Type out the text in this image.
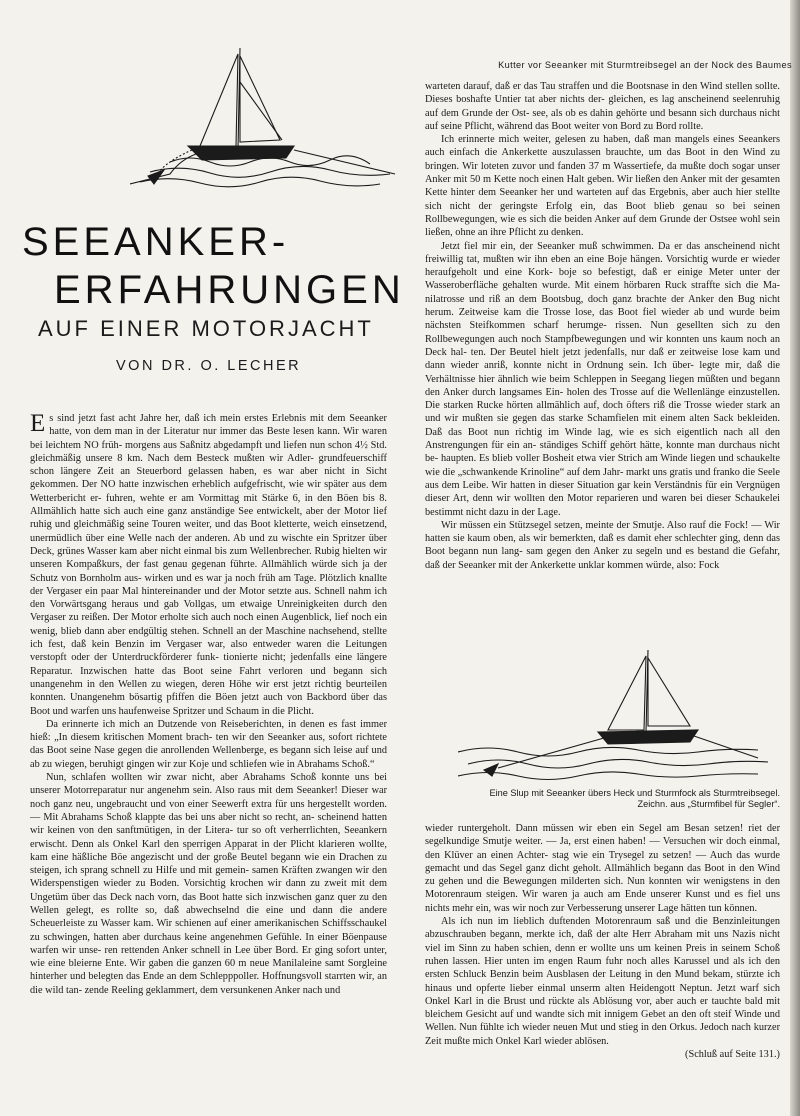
Kutter vor Seeanker mit Sturmtreibsegel an der Nock des Baumes
SEEANKER-
ERFAHRUNGEN
AUF EINER MOTORJACHT
VON DR. O. LECHER

Es sind jetzt fast acht Jahre her, daß ich mein erstes Erlebnis mit dem Seeanker hatte, von dem man in der Literatur nur immer das Beste lesen kann. Wir waren bei leichtem NO früh- morgens aus Saßnitz abgedampft und liefen nun schon 4½ Std. gleichmäßig unsere 8 km. Nach dem Besteck mußten wir Adler- grundfeuerschiff schon längere Zeit an Steuerbord gelassen haben, es war aber nicht in Sicht gekommen. Der NO hatte inzwischen erheblich aufgefrischt, wie wir später aus dem Wetterbericht er- fuhren, wehte er am Vormittag mit Stärke 6, in den Böen bis 8. Allmählich hatte sich auch eine ganz anständige See entwickelt, aber der Motor lief ruhig und gleichmäßig seine Touren weiter, und das Boot kletterte, weich einsetzend, unermüdlich über eine Welle nach der anderen. Ab und zu wischte ein Spritzer über Deck, grünes Wasser kam aber nicht einmal bis zum Wellenbrecher. Rubig hielten wir unseren Kompaßkurs, der fast genau gegenan führte. Allmählich würde sich ja der Schutz von Bornholm aus- wirken und es war ja noch früh am Tage. Plötzlich knallte der Vergaser ein paar Mal hintereinander und der Motor setzte aus. Schnell nahm ich den Vorwärtsgang heraus und gab Vollgas, um etwaige Unreinigkeiten durch den Vergaser zu reißen. Der Motor erholte sich auch noch einen Augenblick, lief noch ein wenig, blieb dann aber endgültig stehen. Schnell an der Maschine nachsehend, stellte ich fest, daß kein Benzin im Vergaser war, also entweder waren die Leitungen verstopft oder der Unterdruckförderer funk- tionierte nicht; jedenfalls eine längere Reparatur. Inzwischen hatte das Boot seine Fahrt verloren und begann sich unangenehm in den Wellen zu wiegen, deren Höhe wir erst jetzt richtig beurteilen konnten. Unangenehm bösartig pfiffen die Böen jetzt auch von Backbord über das Boot und warfen uns haufenweise Spritzer und Schaum in die Plicht.

Da erinnerte ich mich an Dutzende von Reiseberichten, in denen es fast immer hieß: „In diesem kritischen Moment brach- ten wir den Seeanker aus, sofort richtete das Boot seine Nase gegen die anrollenden Wellenberge, es begann sich leise auf und ab zu wiegen, beruhigt gingen wir zur Koje und schliefen wie in Abrahams Schoß.“

Nun, schlafen wollten wir zwar nicht, aber Abrahams Schoß konnte uns bei unserer Motorreparatur nur angenehm sein. Also raus mit dem Seeanker! Dieser war noch ganz neu, ungebraucht und von einer Seewerft extra für uns hergestellt worden. — Mit Abrahams Schoß klappte das bei uns aber nicht so recht, an- scheinend hatten wir keinen von den sanftmütigen, in der Litera- tur so oft verherrlichten, Seeankern erwischt. Denn als Onkel Karl den sperrigen Apparat in der Plicht klarieren wollte, kam eine häßliche Böe angezischt und der große Beutel begann wie ein Drachen zu steigen, ich sprang schnell zu Hilfe und mit gemein- samen Kräften zwangen wir den Widerspenstigen wieder zu Boden. Vorsichtig krochen wir dann zu zweit mit dem Ungetüm über das Deck nach vorn, das Boot hatte sich inzwischen ganz quer zu den Wellen gelegt, es rollte so, daß abwechselnd die eine und dann die andere Scheuerleiste zu Wasser kam. Wir schienen auf einer amerikanischen Schiffsschaukel zu schwingen, hatten aber durchaus keine angenehmen Gefühle. In einer Böenpause warfen wir unse- ren rettenden Anker schnell in Lee über Bord. Er ging sofort unter, wie eine bleierne Ente. Wir gaben die ganzen 60 m neue Manilaleine samt Sorgleine hinterher und belegten das Ende an dem Schlepppoller. Hoffnungsvoll starrten wir, an die wild tan- zende Reeling geklammert, dem versunkenen Anker nach und

warteten darauf, daß er das Tau straffen und die Bootsnase in den Wind stellen sollte. Dieses boshafte Untier tat aber nichts der- gleichen, es lag anscheinend seelenruhig auf dem Grunde der Ost- see, als ob es dahin gehörte und besann sich durchaus nicht auf seine Pflicht, während das Boot weiter von Bord zu Bord rollte.

Ich erinnerte mich weiter, gelesen zu haben, daß man mangels eines Seeankers auch einfach die Ankerkette auszulassen brauchte, um das Boot in den Wind zu bringen. Wir loteten zuvor und fanden 37 m Wassertiefe, da mußte doch sogar unser Anker mit 50 m Kette noch einen Halt geben. Wir ließen den Anker mit der gesamten Kette hinter dem Seeanker her und warteten auf das Ergebnis, aber auch hier stellte sich nicht der geringste Erfolg ein, das Boot blieb genau so bei seinen Rollbewegungen, wie es sich die beiden Anker auf dem Grunde der Ostsee wohl sein ließen, ohne an ihre Pflicht zu denken.

Jetzt fiel mir ein, der Seeanker muß schwimmen. Da er das anscheinend nicht freiwillig tat, mußten wir ihn eben an eine Boje hängen. Vorsichtig wurde er wieder heraufgeholt und eine Kork- boje so befestigt, daß er einige Meter unter der Wasseroberfläche gehalten wurde. Mit einem hörbaren Ruck straffte sich die Ma- nilatrosse und riß an dem Bootsbug, doch ganz brachte der Anker den Bug nicht herum. Zeitweise kam die Trosse lose, das Boot fiel wieder ab und wurde beim nächsten Steifkommen scharf herumge- rissen. Nun gesellten sich zu den Rollbewegungen auch noch Stampfbewegungen und wir konnten uns kaum noch an Deck hal- ten. Der Beutel hielt jetzt jedenfalls, nur daß er zeitweise lose kam und dann wieder anriß, konnte nicht in Ordnung sein. Ich über- legte mir, daß die Verhältnisse hier ähnlich wie beim Schleppen in Seegang liegen müßten und begann den Anker durch langsames Ein- holen des Trosse auf die Wellenlänge einzustellen. Die starken Rucke hörten allmählich auf, doch öfters riß die Trosse wieder stark an und wir mußten sie gegen das starke Schamfielen mit einem alten Sack bekleiden. Daß das Boot nun richtig im Winde lag, wie es sich eigentlich nach all den Anstrengungen für ein an- ständiges Schiff gehört hätte, konnte man durchaus nicht be- haupten. Es blieb voller Bosheit etwa vier Strich am Winde liegen und schaukelte wie die „schwankende Krinoline“ auf dem Jahr- markt uns gratis und franko die Seele aus dem Leibe. Wir hatten in dieser Situation gar kein Verständnis für ein Vergnügen dieser Art, denn wir wollten den Motor reparieren und waren bei dieser Schaukelei bestimmt nicht dazu in der Lage.

Wir müssen ein Stützsegel setzen, meinte der Smutje. Also rauf die Fock! — Wir hatten sie kaum oben, als wir bemerkten, daß es damit eher schlechter ging, denn das Boot begann nun lang- sam gegen den Anker zu segeln und es bestand die Gefahr, daß der Seeanker mit der Ankerkette unklar kommen würde, also: Fock

Eine Slup mit Seeanker übers Heck und Sturmfock als Sturmtreibsegel.
Zeichn. aus „Sturmfibel für Segler“.

wieder runtergeholt. Dann müssen wir eben ein Segel am Besan setzen! riet der segelkundige Smutje weiter. — Ja, erst einen haben! — Versuchen wir doch einmal, den Klüver an einen Achter- stag wie ein Trysegel zu setzen! — Auch das wurde gemacht und das Segel ganz dicht geholt. Allmählich begann das Boot in den Wind zu gehen und die Bewegungen milderten sich. Nun konnten wir wenigstens in den Motorenraum steigen. Wir waren ja auch am Ende unserer Kunst und es fiel uns nichts mehr ein, was wir noch zur Verbesserung unserer Lage hätten tun können.

Als ich nun im lieblich duftenden Motorenraum saß und die Benzinleitungen abzuschrauben begann, merkte ich, daß der alte Herr Abraham mit uns Nazis nicht viel im Sinn zu haben schien, denn er wollte uns um keinen Preis in seinem Schoß ruhen lassen. Hier unten im engen Raum fuhr noch alles Karussel und als ich den ersten Schluck Benzin beim Ausblasen der Leitung in den Mund bekam, stürzte ich hinaus und opferte lieber einmal unserm alten Heidengott Neptun. Jetzt warf sich Onkel Karl in die Brust und rückte als Ablösung vor, aber auch er tauchte bald mit bleichem Gesicht auf und wandte sich mit innigem Gebet an den oft steif Winde und Wellen. Nun fühlte ich wieder neuen Mut und stieg in den Orkus. Jedoch nach kurzer Zeit mußte mich Onkel Karl wieder ablösen.

(Schluß auf Seite 131.)
